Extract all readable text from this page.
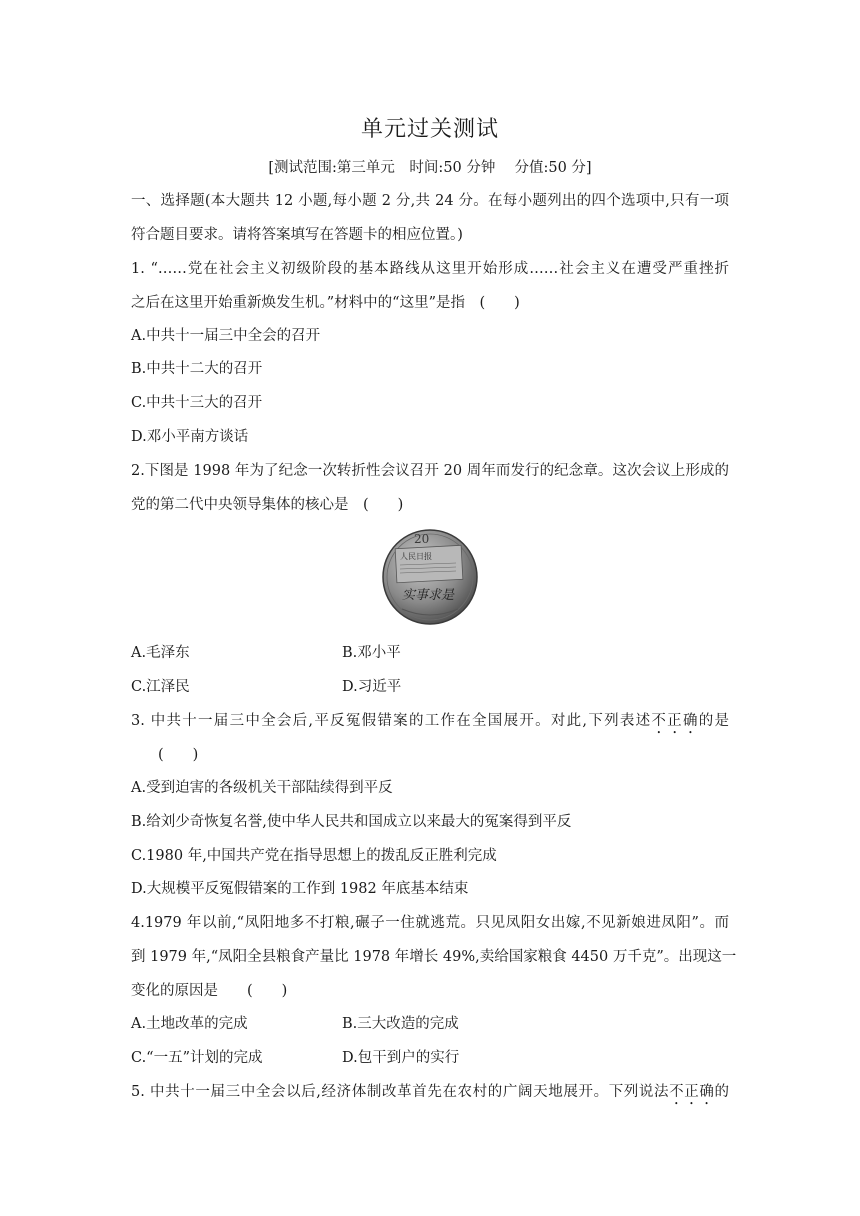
单元过关测试
[测试范围:第三单元　时间:50 分钟　 分值:50 分]
一、选择题(本大题共 12 小题,每小题 2 分,共 24 分。在每小题列出的四个选项中,只有一项
符合题目要求。请将答案填写在答题卡的相应位置。)
1. “……党在社会主义初级阶段的基本路线从这里开始形成……社会主义在遭受严重挫折
之后在这里开始重新焕发生机。”材料中的“这里”是指　(　　)
A.中共十一届三中全会的召开
B.中共十二大的召开
C.中共十三大的召开
D.邓小平南方谈话
2.下图是 1998 年为了纪念一次转折性会议召开 20 周年而发行的纪念章。这次会议上形成的
党的第二代中央领导集体的核心是　(　　)
20
人民日报
实事求是
A.毛泽东	B.邓小平
C.江泽民	D.习近平
3. 中共十一届三中全会后,平反冤假错案的工作在全国展开。对此,下列表述不正确的是
(　　)
A.受到迫害的各级机关干部陆续得到平反
B.给刘少奇恢复名誉,使中华人民共和国成立以来最大的冤案得到平反
C.1980 年,中国共产党在指导思想上的拨乱反正胜利完成
D.大规模平反冤假错案的工作到 1982 年底基本结束
4.1979 年以前,“凤阳地多不打粮,碾子一住就逃荒。只见凤阳女出嫁,不见新娘进凤阳”。而
到 1979 年,“凤阳全县粮食产量比 1978 年增长 49%,卖给国家粮食 4450 万千克”。出现这一
变化的原因是　　(　　)
A.土地改革的完成	B.三大改造的完成
C.“一五”计划的完成	D.包干到户的实行
5. 中共十一届三中全会以后,经济体制改革首先在农村的广阔天地展开。下列说法不正确的
